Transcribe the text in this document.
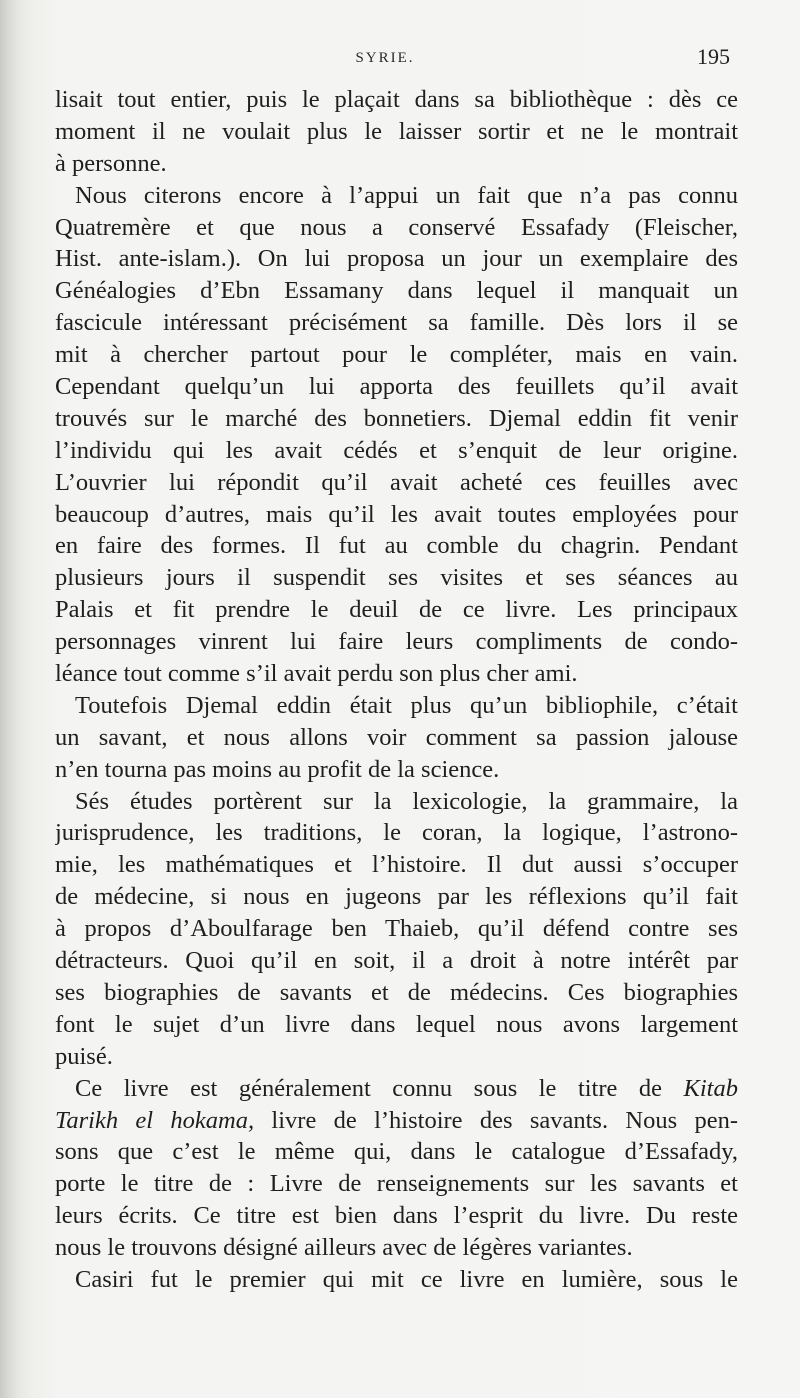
SYRIE.	195
lisait tout entier, puis le plaçait dans sa bibliothèque : dès ce
moment il ne voulait plus le laisser sortir et ne le montrait
à personne.
Nous citerons encore à l’appui un fait que n’a pas connu
Quatremère et que nous a conservé Essafady (Fleischer,
Hist. ante-islam.). On lui proposa un jour un exemplaire des
Généalogies d’Ebn Essamany dans lequel il manquait un
fascicule intéressant précisément sa famille. Dès lors il se
mit à chercher partout pour le compléter, mais en vain.
Cependant quelqu’un lui apporta des feuillets qu’il avait
trouvés sur le marché des bonnetiers. Djemal eddin fit venir
l’individu qui les avait cédés et s’enquit de leur origine.
L’ouvrier lui répondit qu’il avait acheté ces feuilles avec
beaucoup d’autres, mais qu’il les avait toutes employées pour
en faire des formes. Il fut au comble du chagrin. Pendant
plusieurs jours il suspendit ses visites et ses séances au
Palais et fit prendre le deuil de ce livre. Les principaux
personnages vinrent lui faire leurs compliments de condo-
léance tout comme s’il avait perdu son plus cher ami.
Toutefois Djemal eddin était plus qu’un bibliophile, c’était
un savant, et nous allons voir comment sa passion jalouse
n’en tourna pas moins au profit de la science.
Sés études portèrent sur la lexicologie, la grammaire, la
jurisprudence, les traditions, le coran, la logique, l’astrono-
mie, les mathématiques et l’histoire. Il dut aussi s’occuper
de médecine, si nous en jugeons par les réflexions qu’il fait
à propos d’Aboulfarage ben Thaieb, qu’il défend contre ses
détracteurs. Quoi qu’il en soit, il a droit à notre intérêt par
ses biographies de savants et de médecins. Ces biographies
font le sujet d’un livre dans lequel nous avons largement
puisé.
Ce livre est généralement connu sous le titre de Kitab
Tarikh el hokama, livre de l’histoire des savants. Nous pen-
sons que c’est le même qui, dans le catalogue d’Essafady,
porte le titre de : Livre de renseignements sur les savants et
leurs écrits. Ce titre est bien dans l’esprit du livre. Du reste
nous le trouvons désigné ailleurs avec de légères variantes.
Casiri fut le premier qui mit ce livre en lumière, sous le
